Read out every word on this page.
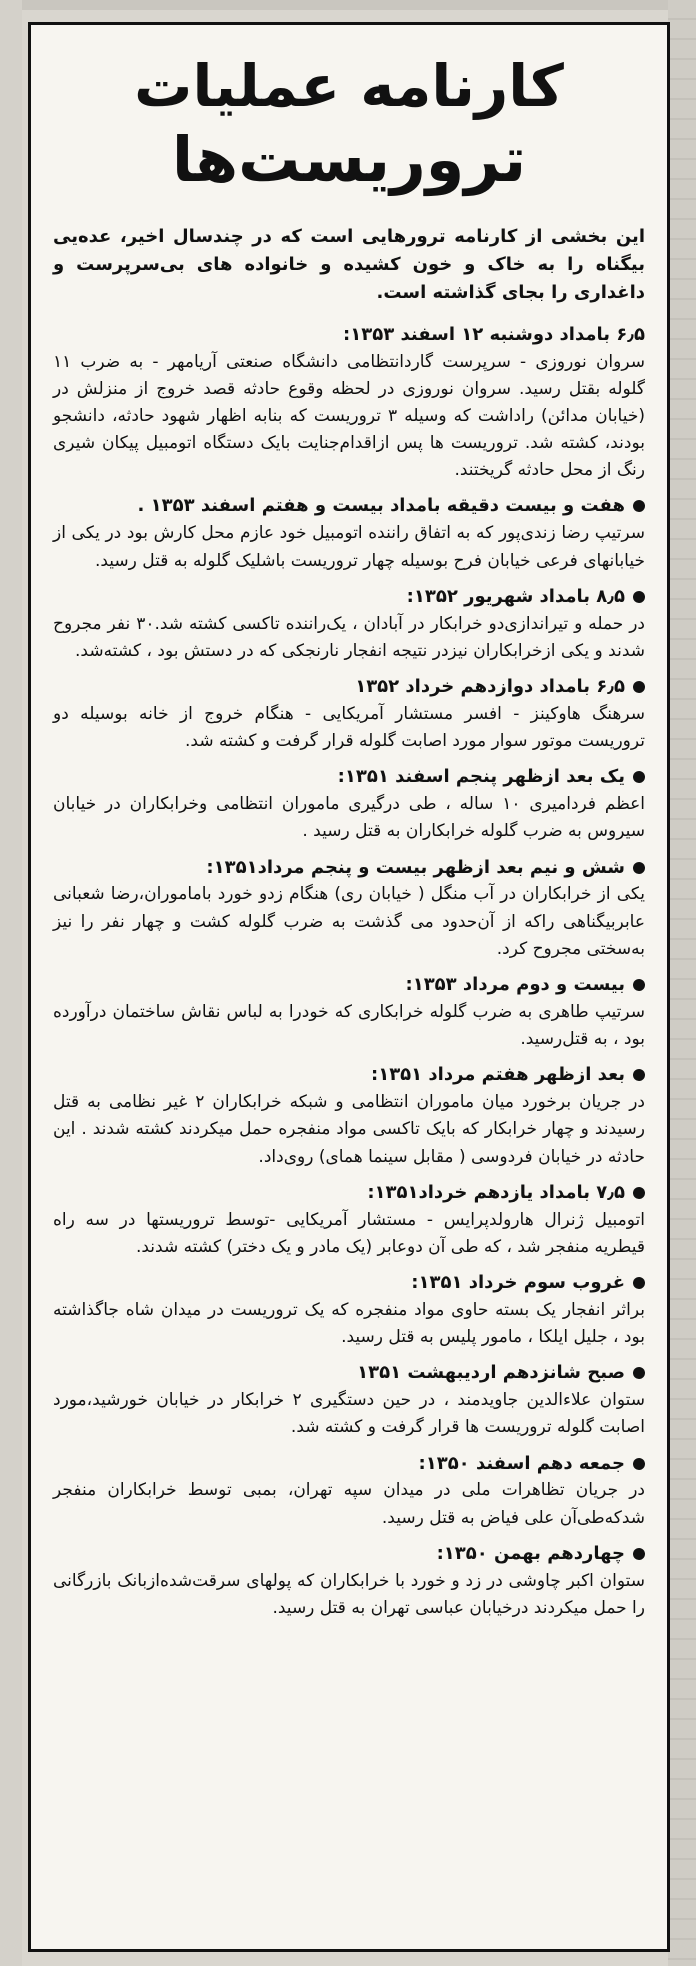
کارنامه عملیات
تروریست‌ها

این بخشی از کارنامه ترورهایی است که در چندسال اخیر، عده‌یی بیگناه را به خاک و خون کشیده و خانواده های بی‌سرپرست و داغداری را بجای گذاشته است.

۶٫۵ بامداد دوشنبه ۱۲ اسفند ۱۳۵۳:

سروان نوروزی - سرپرست گاردانتظامی دانشگاه صنعتی آریامهر - به ضرب ۱۱ گلوله بقتل رسید. سروان نوروزی در لحظه وقوع حادثه قصد خروج از منزلش در (خیابان مدائن) راداشت که وسیله ۳ تروریست که بنابه اظهار شهود حادثه، دانشجو بودند، کشته شد. تروریست ها پس ازاقدام‌جنایت بایک دستگاه اتومبیل پیکان شیری رنگ از محل حادثه گریختند.

هفت و بیست دقیقه بامداد بیست و هفتم اسفند ۱۳۵۳ .

سرتیپ رضا زندی‌پور که به اتفاق راننده اتومبیل خود عازم محل کارش بود در یکی از خیابانهای فرعی خیابان فرح بوسیله چهار تروریست باشلیک گلوله به قتل رسید.

۸٫۵ بامداد شهریور ۱۳۵۲:

در حمله و تیراندازی‌دو خرابکار در آبادان ، یک‌راننده تاکسی کشته شد.۳۰ نفر مجروح شدند و یکی ازخرابکاران نیزدر نتیجه انفجار نارنجکی که در دستش بود ، کشته‌شد.

۶٫۵ بامداد دوازدهم خرداد ۱۳۵۲

سرهنگ هاوکینز - افسر مستشار آمریکایی - هنگام خروج از خانه بوسیله دو تروریست موتور سوار مورد اصابت گلوله قرار گرفت و کشته شد.

یک بعد ازظهر پنجم اسفند ۱۳۵۱:

اعظم فردامیری ۱۰ ساله ، طی درگیری ماموران انتظامی وخرابکاران در خیابان سیروس به ضرب گلوله خرابکاران به قتل رسید .

شش و نیم بعد ازظهر بیست و پنجم مرداد۱۳۵۱:

یکی از خرابکاران در آب منگل ( خیابان ری) هنگام زدو خورد باماموران،رضا شعبانی عابربیگناهی راکه از آن‌حدود می گذشت به ضرب گلوله کشت و چهار نفر را نیز به‌سختی مجروح کرد.

بیست و دوم مرداد ۱۳۵۳:

سرتیپ طاهری به ضرب گلوله خرابکاری که خودرا به لباس نقاش ساختمان درآورده بود ، به قتل‌رسید.

بعد ازظهر هفتم مرداد ۱۳۵۱:

در جریان برخورد میان ماموران انتظامی و شبکه خرابکاران ۲ غیر نظامی به قتل رسیدند و چهار خرابکار که بایک تاکسی مواد منفجره حمل میکردند کشته شدند . این حادثه در خیابان فردوسی ( مقابل سینما همای) روی‌داد.

۷٫۵ بامداد یازدهم خرداد۱۳۵۱:

اتومبیل ژنرال هارولدپرایس - مستشار آمریکایی -توسط تروریستها در سه راه قیطریه منفجر شد ، که طی آن دوعابر (یک مادر و یک دختر) کشته شدند.

غروب سوم خرداد ۱۳۵۱:

براثر انفجار یک بسته حاوی مواد منفجره که یک تروریست در میدان شاه جاگذاشته بود ، جلیل ایلکا ، مامور پلیس به قتل رسید.

صبح شانزدهم اردیبهشت ۱۳۵۱

ستوان علاءالدین جاویدمند ، در حین دستگیری ۲ خرابکار در خیابان خورشید،مورد اصابت گلوله تروریست ها قرار گرفت و کشته شد.

جمعه دهم اسفند ۱۳۵۰:

در جریان تظاهرات ملی در میدان سپه تهران، بمبی توسط خرابکاران منفجر شدکه‌طی‌آن علی فیاض به قتل رسید.

چهاردهم بهمن ۱۳۵۰:

ستوان اکبر چاوشی در زد و خورد با خرابکاران که پولهای سرقت‌شده‌ازبانک بازرگانی را حمل میکردند درخیابان عباسی تهران به قتل رسید.
